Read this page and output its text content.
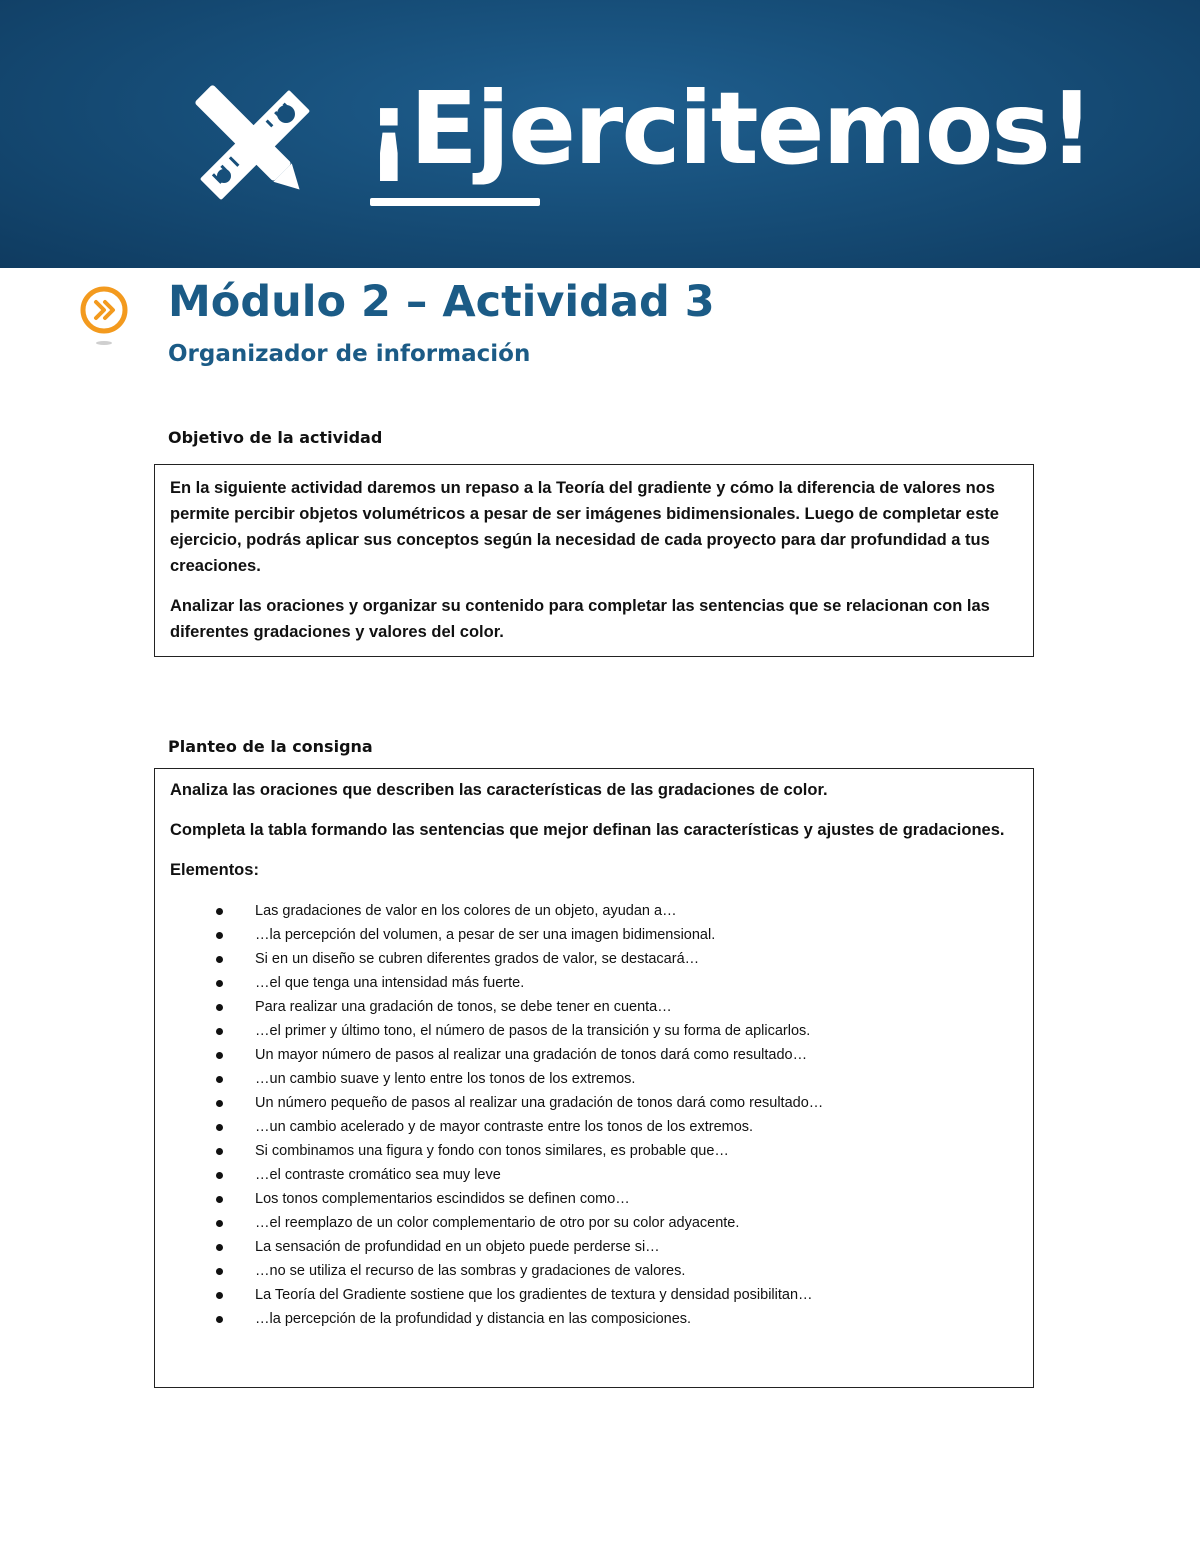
¡Ejercitemos!
Módulo 2 – Actividad 3
Organizador de información
Objetivo de la actividad

En la siguiente actividad daremos un repaso a la Teoría del gradiente y cómo la diferencia de valores nos permite percibir objetos volumétricos a pesar de ser imágenes bidimensionales. Luego de completar este ejercicio, podrás aplicar sus conceptos según la necesidad de cada proyecto para dar profundidad a tus creaciones.

Analizar las oraciones y organizar su contenido para completar las sentencias que se relacionan con las diferentes gradaciones y valores del color.

Planteo de la consigna

Analiza las oraciones que describen las características de las gradaciones de color.

Completa la tabla formando las sentencias que mejor definan las características y ajustes de gradaciones.

Elementos:

Las gradaciones de valor en los colores de un objeto, ayudan a…
…la percepción del volumen, a pesar de ser una imagen bidimensional.
Si en un diseño se cubren diferentes grados de valor, se destacará…
…el que tenga una intensidad más fuerte.
Para realizar una gradación de tonos, se debe tener en cuenta…
…el primer y último tono, el número de pasos de la transición y su forma de aplicarlos.
Un mayor número de pasos al realizar una gradación de tonos dará como resultado…
…un cambio suave y lento entre los tonos de los extremos.
Un número pequeño de pasos al realizar una gradación de tonos dará como resultado…
…un cambio acelerado y de mayor contraste entre los tonos de los extremos.
Si combinamos una figura y fondo con tonos similares, es probable que…
…el contraste cromático sea muy leve
Los tonos complementarios escindidos se definen como…
…el reemplazo de un color complementario de otro por su color adyacente.
La sensación de profundidad en un objeto puede perderse si…
…no se utiliza el recurso de las sombras y gradaciones de valores.
La Teoría del Gradiente sostiene que los gradientes de textura y densidad posibilitan…
…la percepción de la profundidad y distancia en las composiciones.
